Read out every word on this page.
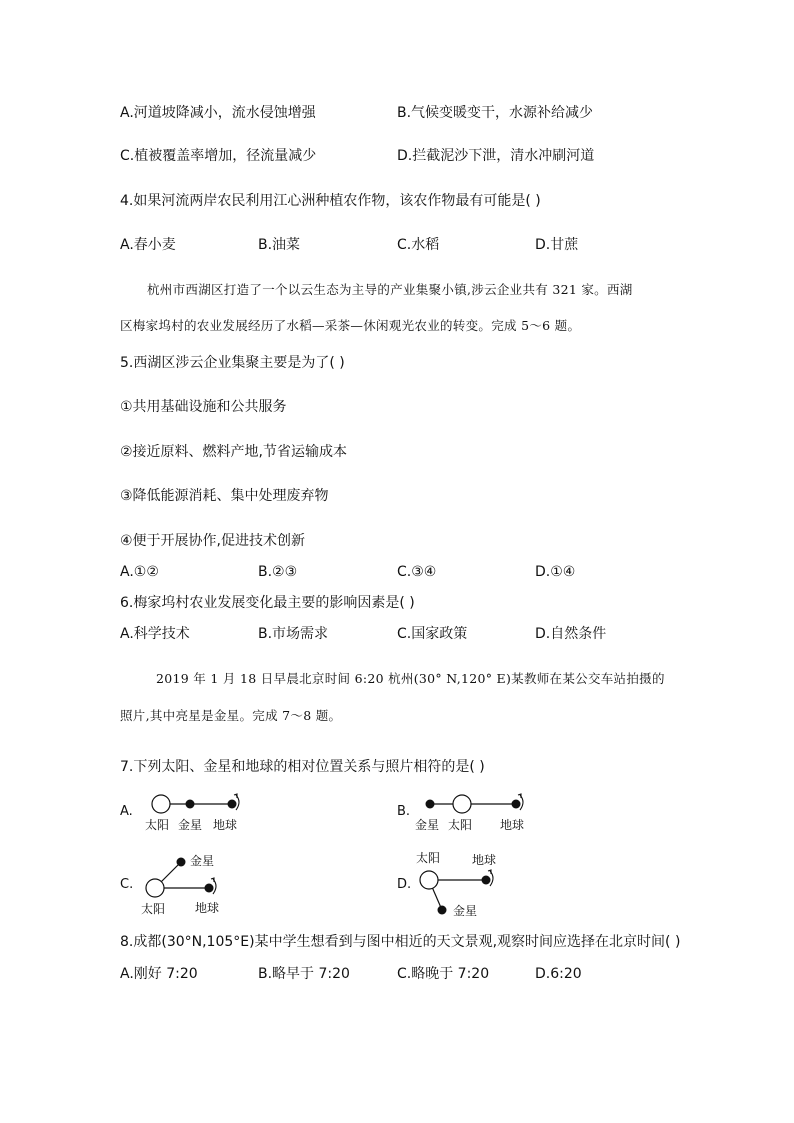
A.河道坡降减小，流水侵蚀增强	B.气候变暖变干，水源补给减少
C.植被覆盖率增加，径流量减少	D.拦截泥沙下泄，清水冲刷河道
4.如果河流两岸农民利用江心洲种植农作物，该农作物最有可能是( )
A.春小麦	B.油菜	C.水稻	D.甘蔗
杭州市西湖区打造了一个以云生态为主导的产业集聚小镇,涉云企业共有 321 家。西湖
区梅家坞村的农业发展经历了水稻—采茶—休闲观光农业的转变。完成 5～6 题。
5.西湖区涉云企业集聚主要是为了( )
①共用基础设施和公共服务
②接近原料、燃料产地,节省运输成本
③降低能源消耗、集中处理废弃物
④便于开展协作,促进技术创新
A.①②	B.②③	C.③④	D.①④
6.梅家坞村农业发展变化最主要的影响因素是( )
A.科学技术	B.市场需求	C.国家政策	D.自然条件
2019 年 1 月 18 日早晨北京时间 6:20 杭州(30° N,120° E)某教师在某公交车站拍摄的
照片,其中亮星是金星。完成 7～8 题。
7.下列太阳、金星和地球的相对位置关系与照片相符的是( )
A.
太阳 金星 地球
B.
金星 太阳 地球
C.
金星
太阳 地球
D.
太阳	地球
金星
8.成都(30°N,105°E)某中学生想看到与图中相近的天文景观,观察时间应选择在北京时间( )
A.刚好 7:20	B.略早于 7:20	C.略晚于 7:20	D.6:20
